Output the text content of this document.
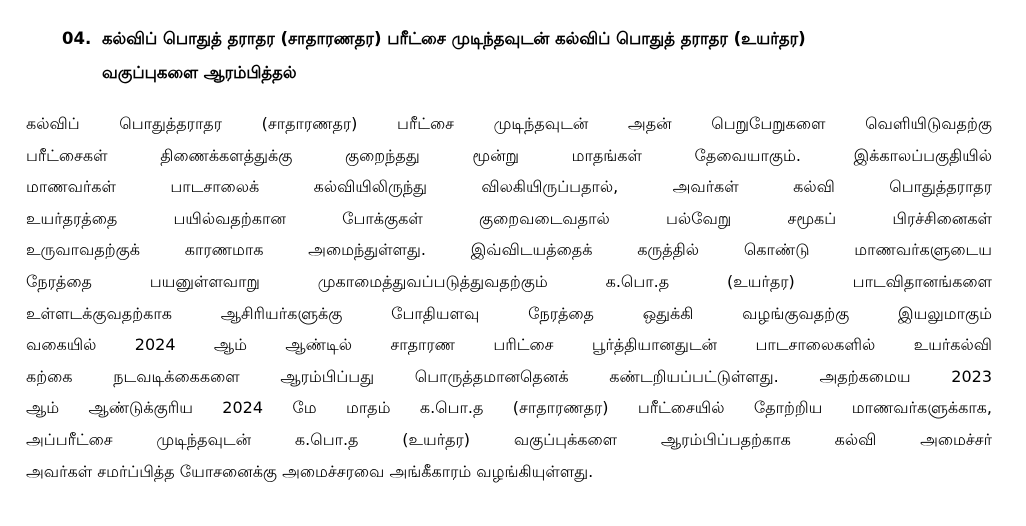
04. கல்விப் பொதுத் தராதர (சாதாரணதர) பரீட்சை முடிந்தவுடன் கல்விப் பொதுத் தராதர (உயர்தர)
வகுப்புகளை ஆரம்பித்தல்
கல்விப் பொதுத்தராதர (சாதாரணதர) பரீட்சை முடிந்தவுடன் அதன் பெறுபேறுகளை வெளியிடுவதற்கு
பரீட்சைகள் திணைக்களத்துக்கு குறைந்தது மூன்று மாதங்கள் தேவையாகும். இக்காலப்பகுதியில்
மாணவர்கள் பாடசாலைக் கல்வியிலிருந்து விலகியிருப்பதால், அவர்கள் கல்வி பொதுத்தராதர
உயர்தரத்தை பயில்வதற்கான போக்குகள் குறைவடைவதால் பல்வேறு சமூகப் பிரச்சினைகள்
உருவாவதற்குக் காரணமாக அமைந்துள்ளது. இவ்விடயத்தைக் கருத்தில் கொண்டு மாணவர்களுடைய
நேரத்தை பயனுள்ளவாறு முகாமைத்துவப்படுத்துவதற்கும் க.பொ.த (உயர்தர) பாடவிதானங்களை
உள்ளடக்குவதற்காக ஆசிரியர்களுக்கு போதியளவு நேரத்தை ஒதுக்கி வழங்குவதற்கு இயலுமாகும்
வகையில் 2024 ஆம் ஆண்டில் சாதாரண பரிட்சை பூர்த்தியானதுடன் பாடசாலைகளில் உயர்கல்வி
கற்கை நடவடிக்கைகளை ஆரம்பிப்பது பொருத்தமானதெனக் கண்டறியப்பட்டுள்ளது. அதற்கமைய 2023
ஆம் ஆண்டுக்குரிய 2024 மே மாதம் க.பொ.த (சாதாரணதர) பரீட்சையில் தோற்றிய மாணவர்களுக்காக,
அப்பரீட்சை முடிந்தவுடன் க.பொ.த (உயர்தர) வகுப்புக்களை ஆரம்பிப்பதற்காக கல்வி அமைச்சர்
அவர்கள் சமர்ப்பித்த யோசனைக்கு அமைச்சரவை அங்கீகாரம் வழங்கியுள்ளது.
